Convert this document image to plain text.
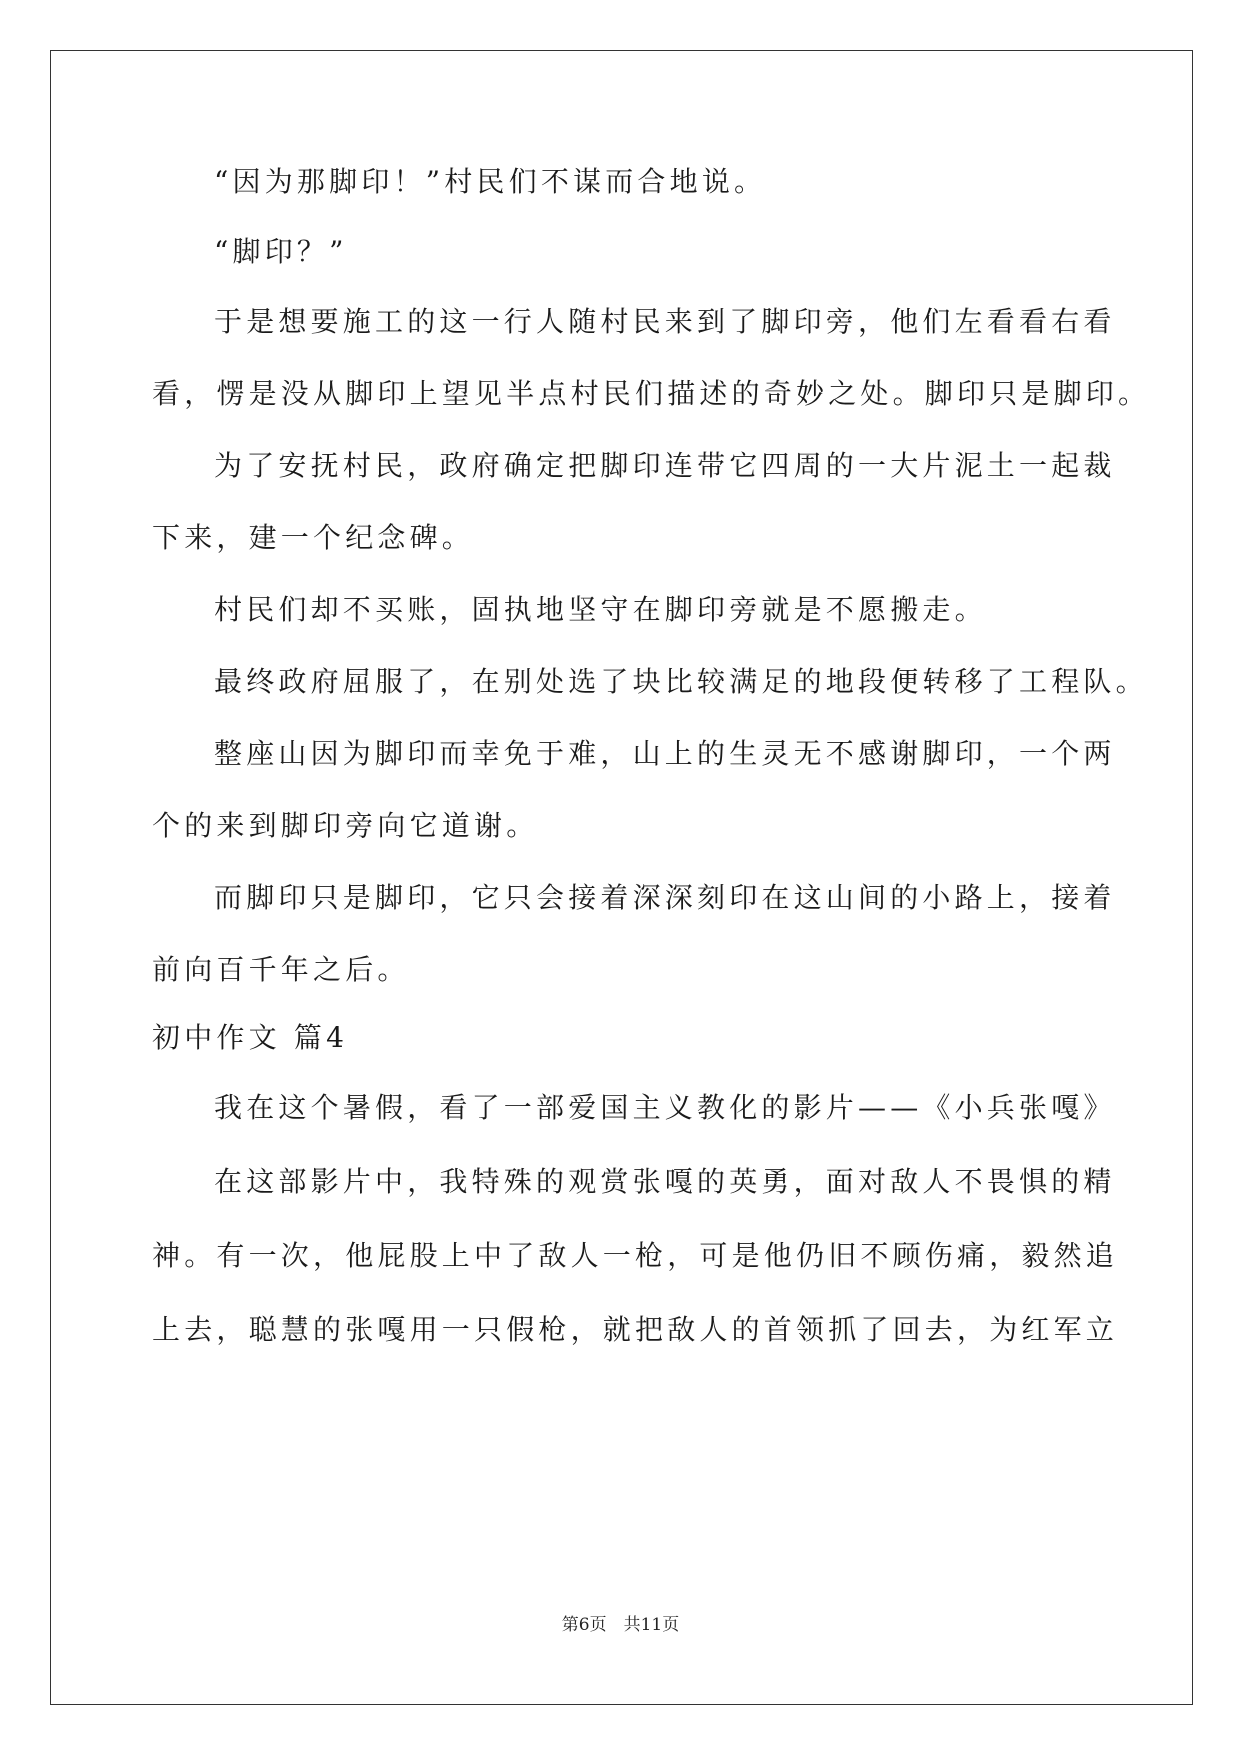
“因为那脚印！”村民们不谋而合地说。
“脚印？”
于是想要施工的这一行人随村民来到了脚印旁，他们左看看右看
看，愣是没从脚印上望见半点村民们描述的奇妙之处。脚印只是脚印。
为了安抚村民，政府确定把脚印连带它四周的一大片泥土一起裁
下来，建一个纪念碑。
村民们却不买账，固执地坚守在脚印旁就是不愿搬走。
最终政府屈服了，在别处选了块比较满足的地段便转移了工程队。
整座山因为脚印而幸免于难，山上的生灵无不感谢脚印，一个两
个的来到脚印旁向它道谢。
而脚印只是脚印，它只会接着深深刻印在这山间的小路上，接着
前向百千年之后。
初中作文 篇4
我在这个暑假，看了一部爱国主义教化的影片——《小兵张嘎》
在这部影片中，我特殊的观赏张嘎的英勇，面对敌人不畏惧的精
神。有一次，他屁股上中了敌人一枪，可是他仍旧不顾伤痛，毅然追
上去，聪慧的张嘎用一只假枪，就把敌人的首领抓了回去，为红军立
第6页　共11页
